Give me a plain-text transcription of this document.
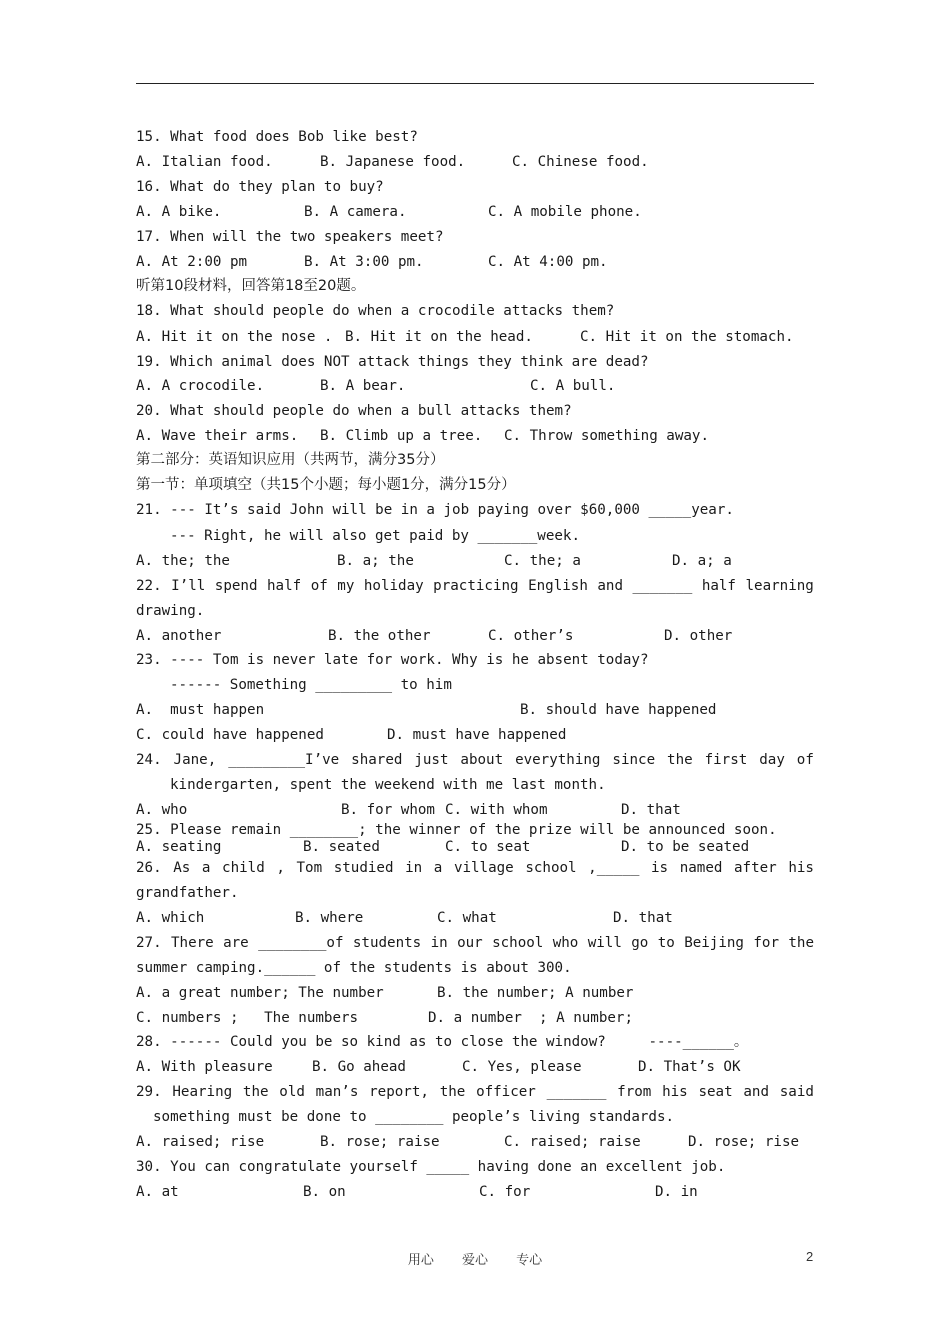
15. What food does Bob like best?
A. Italian food.	B. Japanese food.	C. Chinese food.
16. What do they plan to buy?
A. A bike.	B. A camera.	C. A mobile phone.
17. When will the two speakers meet?
A. At 2:00 pm	B. At 3:00 pm.	C. At 4:00 pm.
听第10段材料，回答第18至20题。
18. What should people do when a crocodile attacks them?
A. Hit it on the nose . B. Hit it on the head.	C. Hit it on the stomach.
19. Which animal does NOT attack things they think are dead?
A. A crocodile.	B. A bear.	C. A bull.
20. What should people do when a bull attacks them?
A. Wave their arms. B. Climb up a tree. C. Throw something away.
第二部分：英语知识应用（共两节，满分35分）
第一节：单项填空（共15个小题；每小题1分，满分15分）
21. --- It’s said John will be in a job paying over $60,000 _____year.
--- Right, he will also get paid by _______week.
A. the; the	B. a; the	C. the; a	D. a; a
22. I’ll spend half of my holiday practicing English and _______ half learning
drawing.
A. another	B. the other	C. other’s	D. other
23. ---- Tom is never late for work. Why is he absent today?
------ Something _________ to him
A.  must happen	B. should have happened
C. could have happened	D. must have happened
24. Jane, _________I’ve shared just about everything since the first day of
kindergarten, spent the weekend with me last month.
A. who	B. for whom C. with whom	D. that
25. Please remain ________; the winner of the prize will be announced soon.
A. seating	B. seated	C. to seat	D. to be seated
26. As a child , Tom studied in a village school ,_____ is named after his
grandfather.
A. which	B. where	C. what	D. that
27. There are ________of students in our school who will go to Beijing for the
summer camping.______ of the students is about 300.
A. a great number; The number	B. the number; A number
C. numbers ;   The numbers	D. a number  ; A number;
28. ------ Could you be so kind as to close the window?     ----______。
A. With pleasure	B. Go ahead	C. Yes, please	D. That’s OK
29. Hearing the old man’s report, the officer _______ from his seat and said
something must be done to ________ people’s living standards.
A. raised; rise	B. rose; raise	C. raised; raise	D. rose; rise
30. You can congratulate yourself _____ having done an excellent job.
A. at	B. on	C. for	D. in
用心 爱心 专心	2
